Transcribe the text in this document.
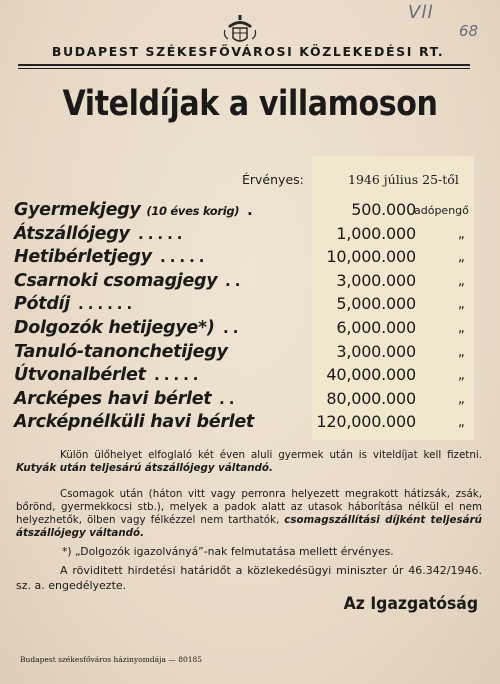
Vll
68
BUDAPEST SZÉKESFŐVÁROSI KÖZLEKEDÉSI RT.
Viteldíjak a villamoson
Érvényes:	1946 július 25-től
Gyermekjegy (10 éves korig)	500.000
adópengő
.
Átszállójegy	1,000.000	„
.....
Hetibérletjegy	10,000.000	„
.....
Csarnoki csomagjegy	3,000.000	„
..
Pótdíj	5,000.000	„
......
Dolgozók hetijegye*)	6,000.000	„
..
Tanuló-tanonchetijegy	3,000.000	„
Útvonalbérlet	40,000.000	„
.....
Arcképes havi bérlet	80,000.000	„
..
Arcképnélküli havi bérlet	120,000.000	„
Külön ülőhelyet elfoglaló két éven aluli gyermek után is viteldíjat kell fizetni. Kutyák után teljesárú átszállójegy váltandó.
Csomagok után (háton vitt vagy perronra helyezett megrakott hátizsák, zsák, bőrönd, gyermekkocsi stb.), melyek a padok alatt az utasok háborítása nélkül el nem helyezhetők, ölben vagy félkézzel nem tarthatók, csomagszállítási díjként teljesárú átszállójegy váltandó.
*) „Dolgozók igazolványá”-nak felmutatása mellett érvényes.
A röviditett hirdetési határidőt a közlekedésügyi miniszter úr 46.342/1946. sz. a. engedélyezte.
Az Igazgatóság
Budapest székesfőváros házinyomdája — 80185
